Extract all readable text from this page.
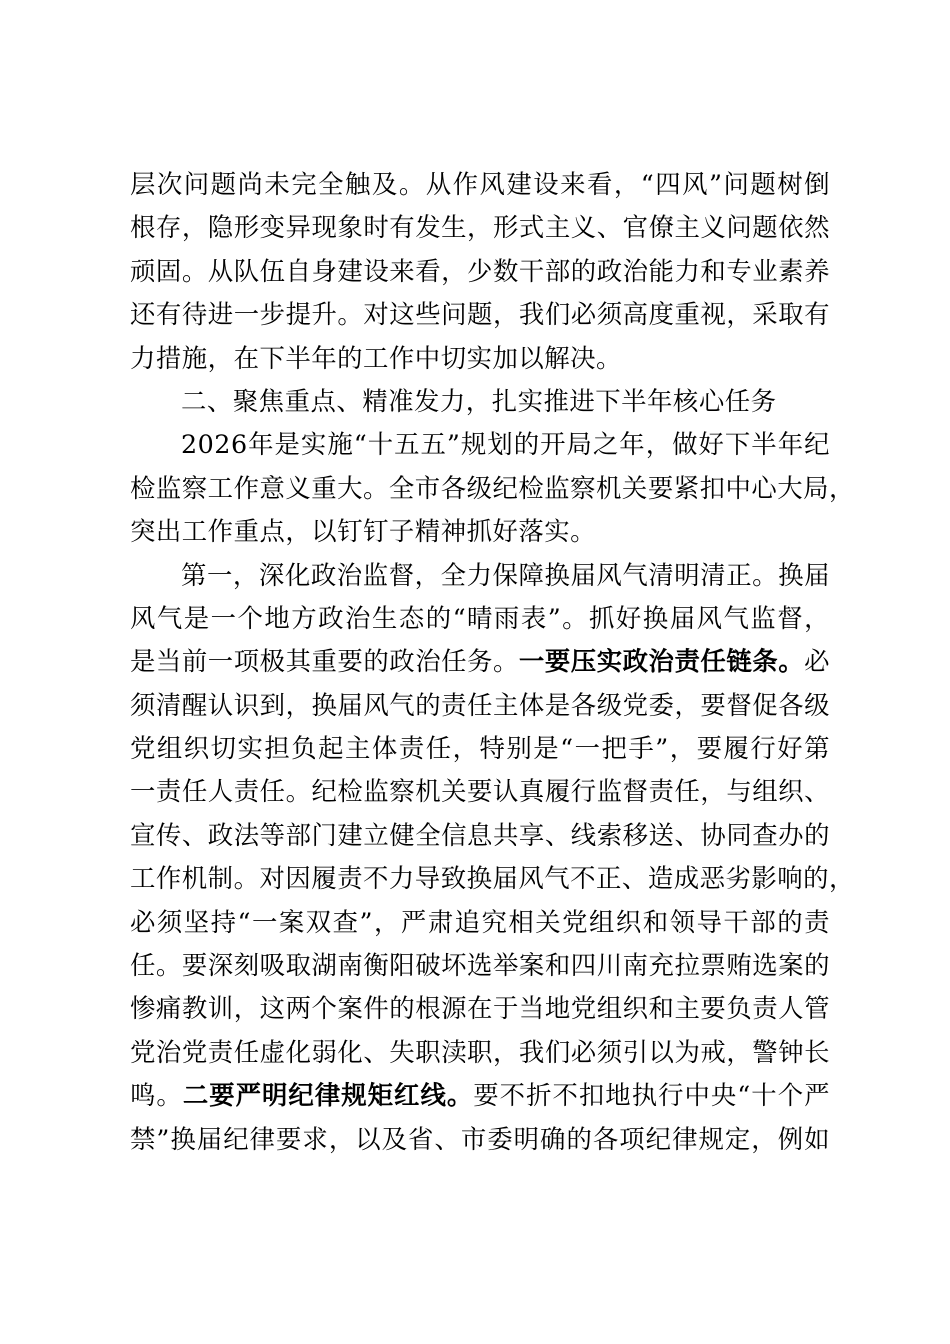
层次问题尚未完全触及。从作风建设来看，“四风”问题树倒
根存，隐形变异现象时有发生，形式主义、官僚主义问题依然
顽固。从队伍自身建设来看，少数干部的政治能力和专业素养
还有待进一步提升。对这些问题，我们必须高度重视，采取有
力措施，在下半年的工作中切实加以解决。
二、聚焦重点、精准发力，扎实推进下半年核心任务
2026年是实施“十五五”规划的开局之年，做好下半年纪
检监察工作意义重大。全市各级纪检监察机关要紧扣中心大局，
突出工作重点，以钉钉子精神抓好落实。
第一，深化政治监督，全力保障换届风气清明清正。换届
风气是一个地方政治生态的“晴雨表”。抓好换届风气监督，
是当前一项极其重要的政治任务。一要压实政治责任链条。必
须清醒认识到，换届风气的责任主体是各级党委，要督促各级
党组织切实担负起主体责任，特别是“一把手”，要履行好第
一责任人责任。纪检监察机关要认真履行监督责任，与组织、
宣传、政法等部门建立健全信息共享、线索移送、协同查办的
工作机制。对因履责不力导致换届风气不正、造成恶劣影响的，
必须坚持“一案双查”，严肃追究相关党组织和领导干部的责
任。要深刻吸取湖南衡阳破坏选举案和四川南充拉票贿选案的
惨痛教训，这两个案件的根源在于当地党组织和主要负责人管
党治党责任虚化弱化、失职渎职，我们必须引以为戒，警钟长
鸣。二要严明纪律规矩红线。要不折不扣地执行中央“十个严
禁”换届纪律要求，以及省、市委明确的各项纪律规定，例如
